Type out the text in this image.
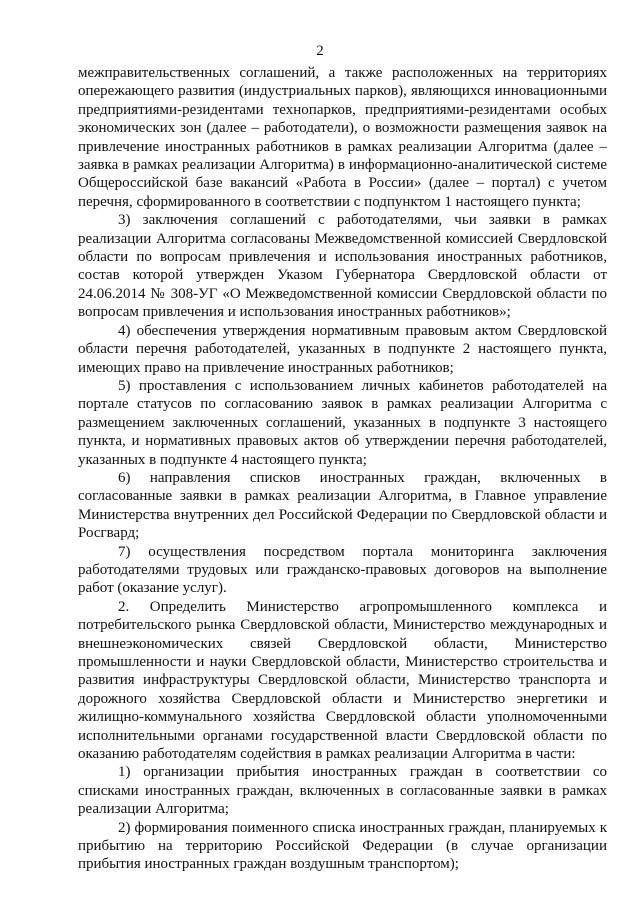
2

межправительственных соглашений, а также расположенных на территориях опережающего развития (индустриальных парков), являющихся инновационными предприятиями-резидентами технопарков, предприятиями-резидентами особых экономических зон (далее – работодатели), о возможности размещения заявок на привлечение иностранных работников в рамках реализации Алгоритма (далее – заявка в рамках реализации Алгоритма) в информационно-аналитической системе Общероссийской базе вакансий «Работа в России» (далее – портал) с учетом перечня, сформированного в соответствии с подпунктом 1 настоящего пункта;

3) заключения соглашений с работодателями, чьи заявки в рамках реализации Алгоритма согласованы Межведомственной комиссией Свердловской области по вопросам привлечения и использования иностранных работников, состав которой утвержден Указом Губернатора Свердловской области от 24.06.2014 № 308-УГ «О Межведомственной комиссии Свердловской области по вопросам привлечения и использования иностранных работников»;

4) обеспечения утверждения нормативным правовым актом Свердловской области перечня работодателей, указанных в подпункте 2 настоящего пункта, имеющих право на привлечение иностранных работников;

5) проставления с использованием личных кабинетов работодателей на портале статусов по согласованию заявок в рамках реализации Алгоритма с размещением заключенных соглашений, указанных в подпункте 3 настоящего пункта, и нормативных правовых актов об утверждении перечня работодателей, указанных в подпункте 4 настоящего пункта;

6) направления списков иностранных граждан, включенных в согласованные заявки в рамках реализации Алгоритма, в Главное управление Министерства внутренних дел Российской Федерации по Свердловской области и Росгвард;

7) осуществления посредством портала мониторинга заключения работодателями трудовых или гражданско-правовых договоров на выполнение работ (оказание услуг).

2. Определить Министерство агропромышленного комплекса и потребительского рынка Свердловской области, Министерство международных и внешнеэкономических связей Свердловской области, Министерство промышленности и науки Свердловской области, Министерство строительства и развития инфраструктуры Свердловской области, Министерство транспорта и дорожного хозяйства Свердловской области и Министерство энергетики и жилищно-коммунального хозяйства Свердловской области уполномоченными исполнительными органами государственной власти Свердловской области по оказанию работодателям содействия в рамках реализации Алгоритма в части:

1) организации прибытия иностранных граждан в соответствии со списками иностранных граждан, включенных в согласованные заявки в рамках реализации Алгоритма;

2) формирования поименного списка иностранных граждан, планируемых к прибытию на территорию Российской Федерации (в случае организации прибытия иностранных граждан воздушным транспортом);
